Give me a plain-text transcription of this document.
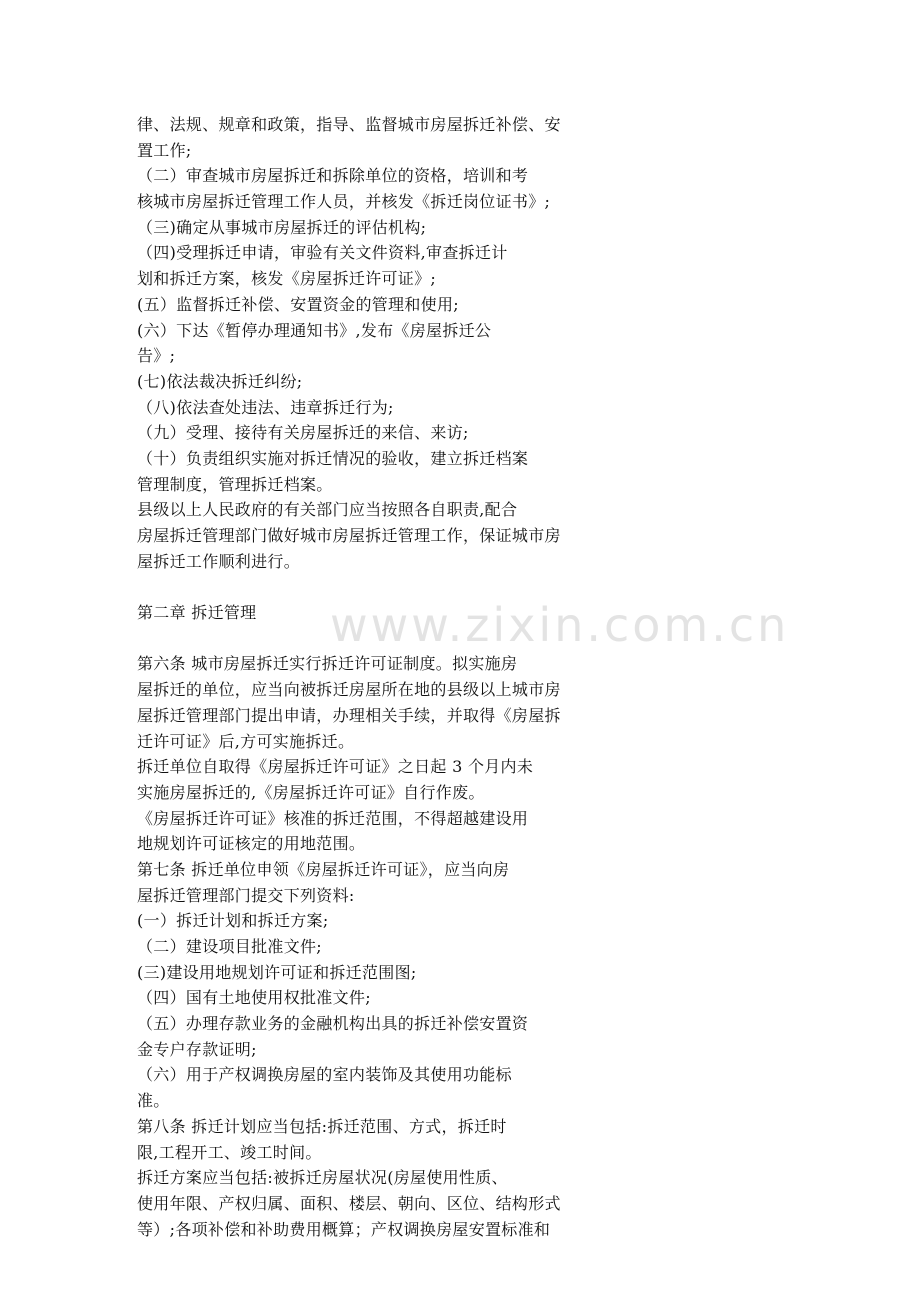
www.zixin.com.cn
律、法规、规章和政策，指导、监督城市房屋拆迁补偿、安
置工作;
（二）审查城市房屋拆迁和拆除单位的资格，培训和考
核城市房屋拆迁管理工作人员，并核发《拆迁岗位证书》;
（三)确定从事城市房屋拆迁的评估机构;
（四)受理拆迁申请，审验有关文件资料,审查拆迁计
划和拆迁方案，核发《房屋拆迁许可证》;
(五）监督拆迁补偿、安置资金的管理和使用;
(六）下达《暂停办理通知书》,发布《房屋拆迁公
告》;
(七)依法裁决拆迁纠纷;
（八)依法查处违法、违章拆迁行为;
（九）受理、接待有关房屋拆迁的来信、来访;
（十）负责组织实施对拆迁情况的验收，建立拆迁档案
管理制度，管理拆迁档案。
县级以上人民政府的有关部门应当按照各自职责,配合
房屋拆迁管理部门做好城市房屋拆迁管理工作，保证城市房
屋拆迁工作顺利进行。
第二章 拆迁管理
第六条 城市房屋拆迁实行拆迁许可证制度。拟实施房
屋拆迁的单位，应当向被拆迁房屋所在地的县级以上城市房
屋拆迁管理部门提出申请，办理相关手续，并取得《房屋拆
迁许可证》后,方可实施拆迁。
拆迁单位自取得《房屋拆迁许可证》之日起 3 个月内未
实施房屋拆迁的,《房屋拆迁许可证》自行作废。
《房屋拆迁许可证》核准的拆迁范围，不得超越建设用
地规划许可证核定的用地范围。
第七条 拆迁单位申领《房屋拆迁许可证》，应当向房
屋拆迁管理部门提交下列资料:
(一）拆迁计划和拆迁方案;
（二）建设项目批准文件;
(三)建设用地规划许可证和拆迁范围图;
（四）国有土地使用权批准文件;
（五）办理存款业务的金融机构出具的拆迁补偿安置资
金专户存款证明;
（六）用于产权调换房屋的室内装饰及其使用功能标
准。
第八条 拆迁计划应当包括:拆迁范围、方式，拆迁时
限,工程开工、竣工时间。
拆迁方案应当包括:被拆迁房屋状况(房屋使用性质、
使用年限、产权归属、面积、楼层、朝向、区位、结构形式
等）;各项补偿和补助费用概算；产权调换房屋安置标准和
